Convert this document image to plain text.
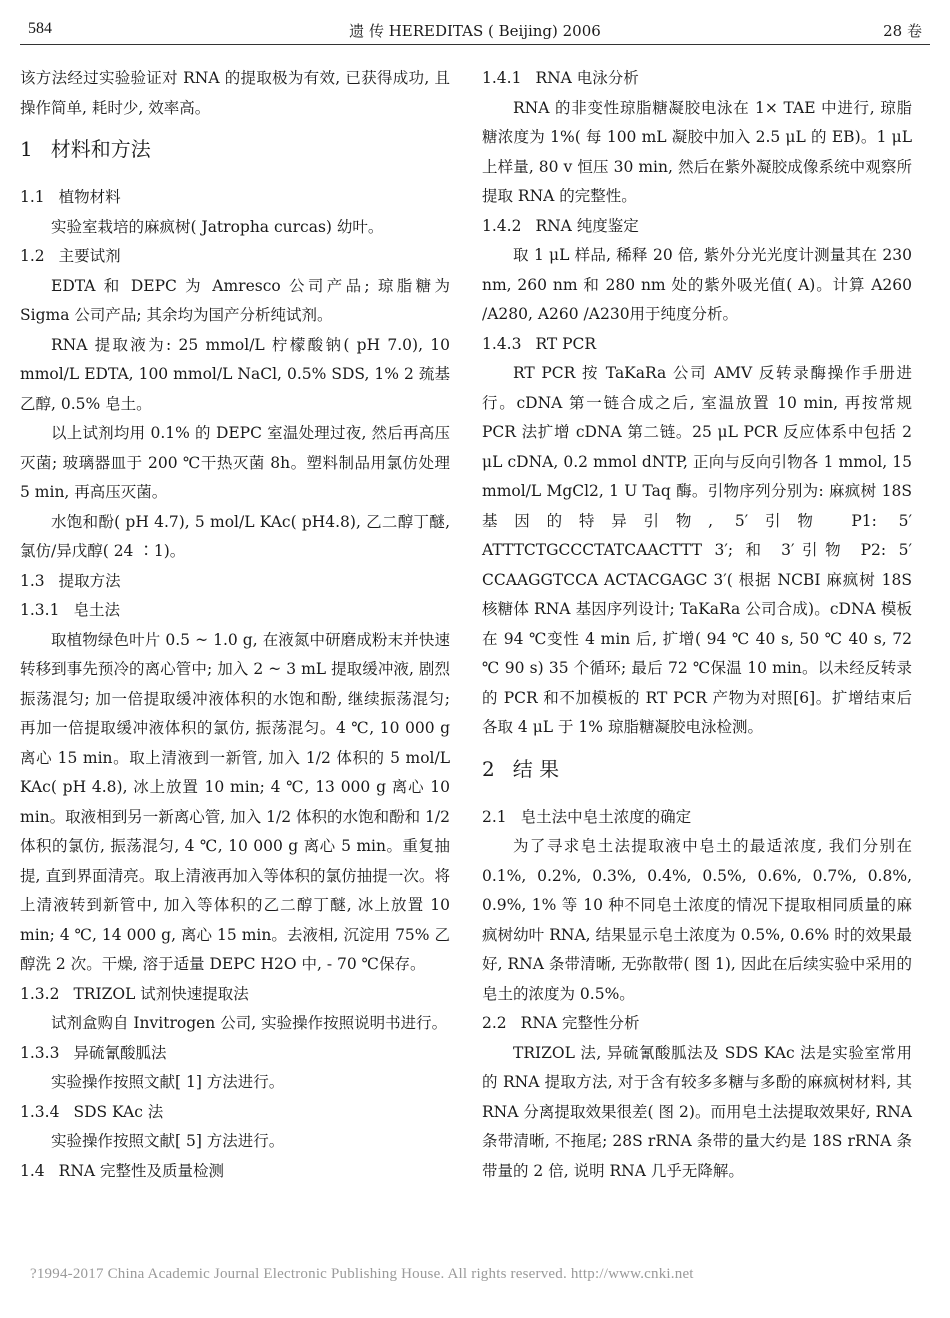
584	遗 传 HEREDITAS ( Beijing) 2006	28 卷

该方法经过实验验证对 RNA 的提取极为有效, 已获得成功, 且操作简单, 耗时少, 效率高。

1 材料和方法

1.1 植物材料

实验室栽培的麻疯树( Jatropha curcas) 幼叶。

1.2 主要试剂

EDTA 和 DEPC 为 Amresco 公司产品; 琼脂糖为 Sigma 公司产品; 其余均为国产分析纯试剂。

RNA 提取液为: 25 mmol/L 柠檬酸钠( pH 7.0), 10 mmol/L EDTA, 100 mmol/L NaCl, 0.5% SDS, 1% 2 巯基乙醇, 0.5% 皂土。

以上试剂均用 0.1% 的 DEPC 室温处理过夜, 然后再高压灭菌; 玻璃器皿于 200 ℃干热灭菌 8h。塑料制品用氯仿处理 5 min, 再高压灭菌。

水饱和酚( pH 4.7), 5 mol/L KAc( pH4.8), 乙二醇丁醚, 氯仿/异戊醇( 24 ∶1)。

1.3 提取方法

1.3.1 皂土法

取植物绿色叶片 0.5 ~ 1.0 g, 在液氮中研磨成粉末并快速转移到事先预冷的离心管中; 加入 2 ~ 3 mL 提取缓冲液, 剧烈振荡混匀; 加一倍提取缓冲液体积的水饱和酚, 继续振荡混匀; 再加一倍提取缓冲液体积的氯仿, 振荡混匀。4 ℃, 10 000 g 离心 15 min。取上清液到一新管, 加入 1/2 体积的 5 mol/L KAc( pH 4.8), 冰上放置 10 min; 4 ℃, 13 000 g 离心 10 min。取液相到另一新离心管, 加入 1/2 体积的水饱和酚和 1/2 体积的氯仿, 振荡混匀, 4 ℃, 10 000 g 离心 5 min。重复抽提, 直到界面清亮。取上清液再加入等体积的氯仿抽提一次。将上清液转到新管中, 加入等体积的乙二醇丁醚, 冰上放置 10 min; 4 ℃, 14 000 g, 离心 15 min。去液相, 沉淀用 75% 乙醇洗 2 次。干燥, 溶于适量 DEPC H2O 中, - 70 ℃保存。

1.3.2 TRIZOL 试剂快速提取法

试剂盒购自 Invitrogen 公司, 实验操作按照说明书进行。

1.3.3 异硫氰酸胍法

实验操作按照文献[ 1] 方法进行。

1.3.4 SDS KAc 法

实验操作按照文献[ 5] 方法进行。

1.4 RNA 完整性及质量检测

1.4.1 RNA 电泳分析

RNA 的非变性琼脂糖凝胶电泳在 1× TAE 中进行, 琼脂糖浓度为 1%( 每 100 mL 凝胶中加入 2.5 μL 的 EB)。1 μL 上样量, 80 v 恒压 30 min, 然后在紫外凝胶成像系统中观察所提取 RNA 的完整性。

1.4.2 RNA 纯度鉴定

取 1 μL 样品, 稀释 20 倍, 紫外分光光度计测量其在 230 nm, 260 nm 和 280 nm 处的紫外吸光值( A)。计算 A260 /A280, A260 /A230用于纯度分析。

1.4.3 RT PCR

RT PCR 按 TaKaRa 公司 AMV 反转录酶操作手册进行。cDNA 第一链合成之后, 室温放置 10 min, 再按常规 PCR 法扩增 cDNA 第二链。25 μL PCR 反应体系中包括 2 μL cDNA, 0.2 mmol dNTP, 正向与反向引物各 1 mmol, 15 mmol/L MgCl2, 1 U Taq 酶。引物序列分别为: 麻疯树 18S 基因的特异引物, 5′引物 P1: 5′ ATTTCTGCCCTATCAACTTT 3′; 和 3′引物 P2: 5′ CCAAGGTCCA ACTACGAGC 3′( 根据 NCBI 麻疯树 18S 核糖体 RNA 基因序列设计; TaKaRa 公司合成)。cDNA 模板在 94 ℃变性 4 min 后, 扩增( 94 ℃ 40 s, 50 ℃ 40 s, 72 ℃ 90 s) 35 个循环; 最后 72 ℃保温 10 min。以未经反转录的 PCR 和不加模板的 RT PCR 产物为对照[6]。扩增结束后各取 4 μL 于 1% 琼脂糖凝胶电泳检测。

2 结 果

2.1 皂土法中皂土浓度的确定

为了寻求皂土法提取液中皂土的最适浓度, 我们分别在 0.1%, 0.2%, 0.3%, 0.4%, 0.5%, 0.6%, 0.7%, 0.8%, 0.9%, 1% 等 10 种不同皂土浓度的情况下提取相同质量的麻疯树幼叶 RNA, 结果显示皂土浓度为 0.5%, 0.6% 时的效果最好, RNA 条带清晰, 无弥散带( 图 1), 因此在后续实验中采用的皂土的浓度为 0.5%。

2.2 RNA 完整性分析

TRIZOL 法, 异硫氰酸胍法及 SDS KAc 法是实验室常用的 RNA 提取方法, 对于含有较多多糖与多酚的麻疯树材料, 其 RNA 分离提取效果很差( 图 2)。而用皂土法提取效果好, RNA 条带清晰, 不拖尾; 28S rRNA 条带的量大约是 18S rRNA 条带量的 2 倍, 说明 RNA 几乎无降解。

?1994-2017 China Academic Journal Electronic Publishing House. All rights reserved. http://www.cnki.net
